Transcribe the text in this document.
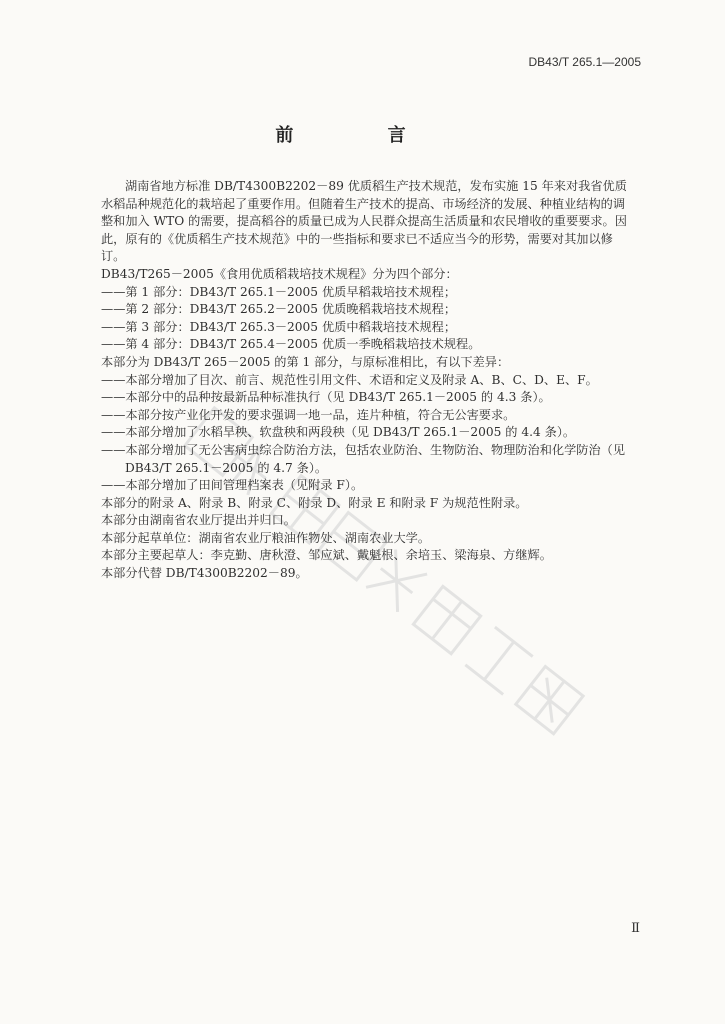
DB43/T 265.1—2005
前 言

湖南省地方标准 DB/T4300B2202－89 优质稻生产技术规范，发布实施 15 年来对我省优质水稻品种规范化的栽培起了重要作用。但随着生产技术的提高、市场经济的发展、种植业结构的调整和加入 WTO 的需要，提高稻谷的质量已成为人民群众提高生活质量和农民增收的重要要求。因此，原有的《优质稻生产技术规范》中的一些指标和要求已不适应当今的形势，需要对其加以修订。

DB43/T265－2005《食用优质稻栽培技术规程》分为四个部分：

——第 1 部分：DB43/T 265.1－2005 优质早稻栽培技术规程；

——第 2 部分：DB43/T 265.2－2005 优质晚稻栽培技术规程；

——第 3 部分：DB43/T 265.3－2005 优质中稻栽培技术规程；

——第 4 部分：DB43/T 265.4－2005 优质一季晚稻栽培技术规程。

本部分为 DB43/T 265－2005 的第 1 部分，与原标准相比，有以下差异：

——本部分增加了目次、前言、规范性引用文件、术语和定义及附录 A、B、C、D、E、F。

——本部分中的品种按最新品种标准执行（见 DB43/T 265.1－2005 的 4.3 条）。

——本部分按产业化开发的要求强调一地一品，连片种植，符合无公害要求。

——本部分增加了水稻旱秧、软盘秧和两段秧（见 DB43/T 265.1－2005 的 4.4 条）。

——本部分增加了无公害病虫综合防治方法，包括农业防治、生物防治、物理防治和化学防治（见 DB43/T 265.1－2005 的 4.7 条）。

——本部分增加了田间管理档案表（见附录 F）。

本部分的附录 A、附录 B、附录 C、附录 D、附录 E 和附录 F 为规范性附录。

本部分由湖南省农业厅提出并归口。

本部分起草单位：湖南省农业厅粮油作物处、湖南农业大学。

本部分主要起草人：李克勤、唐秋澄、邹应斌、戴魁根、余培玉、梁海泉、方继辉。

本部分代替 DB/T4300B2202－89。

Ⅱ
